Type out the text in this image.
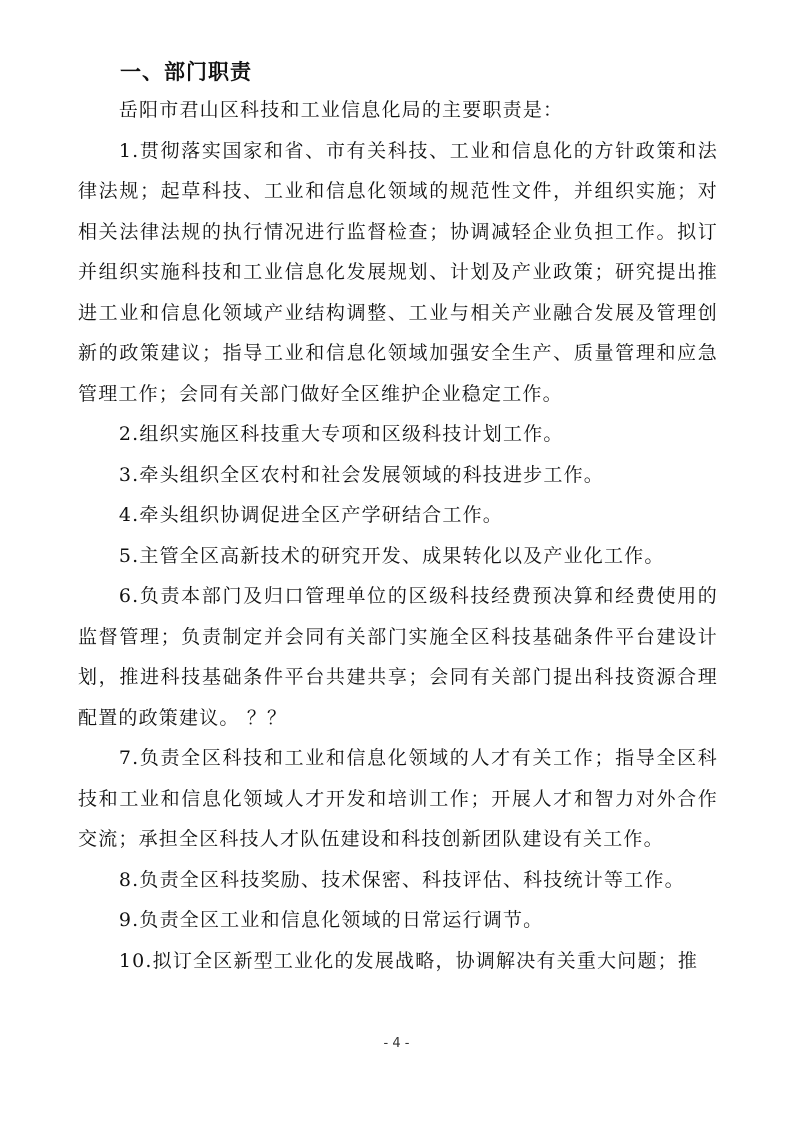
一、部门职责

岳阳市君山区科技和工业信息化局的主要职责是：

1.贯彻落实国家和省、市有关科技、工业和信息化的方针政策和法律法规；起草科技、工业和信息化领域的规范性文件，并组织实施；对相关法律法规的执行情况进行监督检查；协调减轻企业负担工作。拟订并组织实施科技和工业信息化发展规划、计划及产业政策；研究提出推进工业和信息化领域产业结构调整、工业与相关产业融合发展及管理创新的政策建议；指导工业和信息化领域加强安全生产、质量管理和应急管理工作；会同有关部门做好全区维护企业稳定工作。

2.组织实施区科技重大专项和区级科技计划工作。

3.牵头组织全区农村和社会发展领域的科技进步工作。

4.牵头组织协调促进全区产学研结合工作。

5.主管全区高新技术的研究开发、成果转化以及产业化工作。

6.负责本部门及归口管理单位的区级科技经费预决算和经费使用的监督管理；负责制定并会同有关部门实施全区科技基础条件平台建设计划，推进科技基础条件平台共建共享；会同有关部门提出科技资源合理配置的政策建议。 ？？

7.负责全区科技和工业和信息化领域的人才有关工作；指导全区科技和工业和信息化领域人才开发和培训工作；开展人才和智力对外合作交流；承担全区科技人才队伍建设和科技创新团队建设有关工作。

8.负责全区科技奖励、技术保密、科技评估、科技统计等工作。

9.负责全区工业和信息化领域的日常运行调节。

10.拟订全区新型工业化的发展战略，协调解决有关重大问题；推

- 4 -
